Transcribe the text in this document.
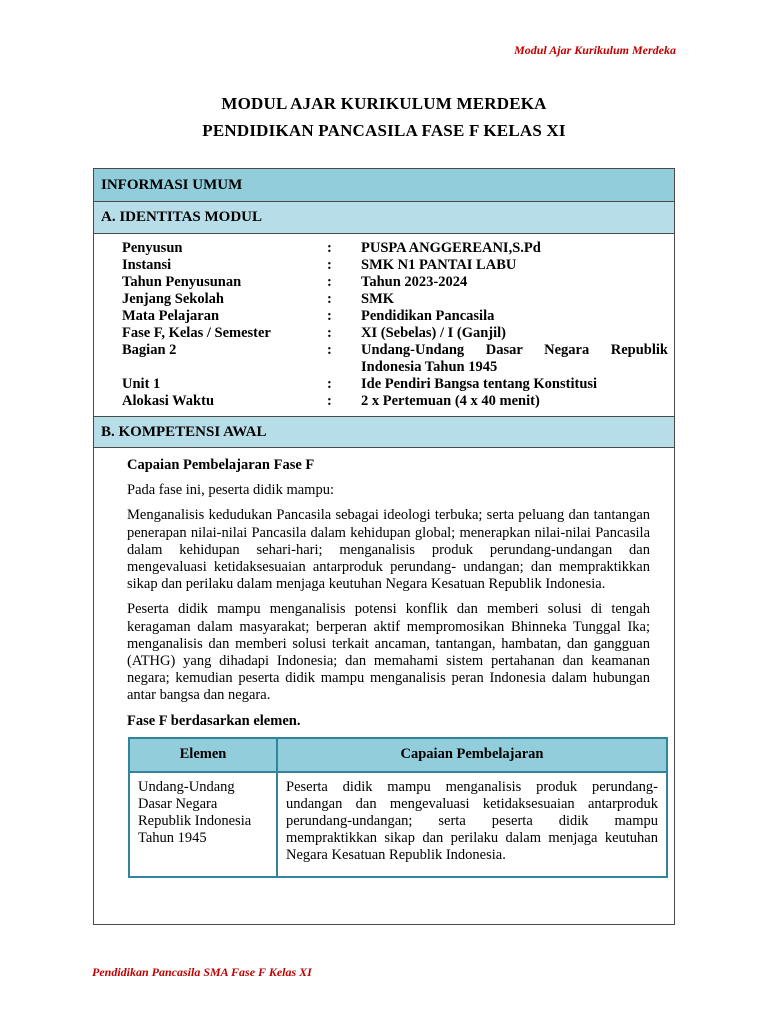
Modul Ajar Kurikulum Merdeka
MODUL AJAR KURIKULUM MERDEKA
PENDIDIKAN PANCASILA FASE F KELAS XI
INFORMASI UMUM
A. IDENTITAS MODUL
Penyusun	:	PUSPA ANGGEREANI,S.Pd
Instansi	:	SMK N1 PANTAI LABU
Tahun Penyusunan	:	Tahun 2023-2024
Jenjang Sekolah	:	SMK
Mata Pelajaran	:	Pendidikan Pancasila
Fase F, Kelas / Semester	:	XI (Sebelas) / I (Ganjil)
Bagian 2	:	Undang-Undang Dasar Negara Republik
Indonesia Tahun 1945
Unit 1	:	Ide Pendiri Bangsa tentang Konstitusi
Alokasi Waktu	:	2 x Pertemuan (4 x 40 menit)
B. KOMPETENSI AWAL

Capaian Pembelajaran Fase F

Pada fase ini, peserta didik mampu:

Menganalisis kedudukan Pancasila sebagai ideologi terbuka; serta peluang dan tantangan penerapan nilai-nilai Pancasila dalam kehidupan global; menerapkan nilai-nilai Pancasila dalam kehidupan sehari-hari; menganalisis produk perundang-undangan dan mengevaluasi ketidaksesuaian antarproduk perundang- undangan; dan mempraktikkan sikap dan perilaku dalam menjaga keutuhan Negara Kesatuan Republik Indonesia.

Peserta didik mampu menganalisis potensi konflik dan memberi solusi di tengah keragaman dalam masyarakat; berperan aktif mempromosikan Bhinneka Tunggal Ika; menganalisis dan memberi solusi terkait ancaman, tantangan, hambatan, dan gangguan (ATHG) yang dihadapi Indonesia; dan memahami sistem pertahanan dan keamanan negara; kemudian peserta didik mampu menganalisis peran Indonesia dalam hubungan antar bangsa dan negara.

Fase F berdasarkan elemen.

Elemen	Capaian Pembelajaran
Undang-Undang Dasar Negara Republik Indonesia Tahun 1945	Peserta didik mampu menganalisis produk perundang-undangan dan mengevaluasi ketidaksesuaian antarproduk perundang-undangan; serta peserta didik mampu mempraktikkan sikap dan perilaku dalam menjaga keutuhan Negara Kesatuan Republik Indonesia.
Pendidikan Pancasila SMA Fase F Kelas XI
